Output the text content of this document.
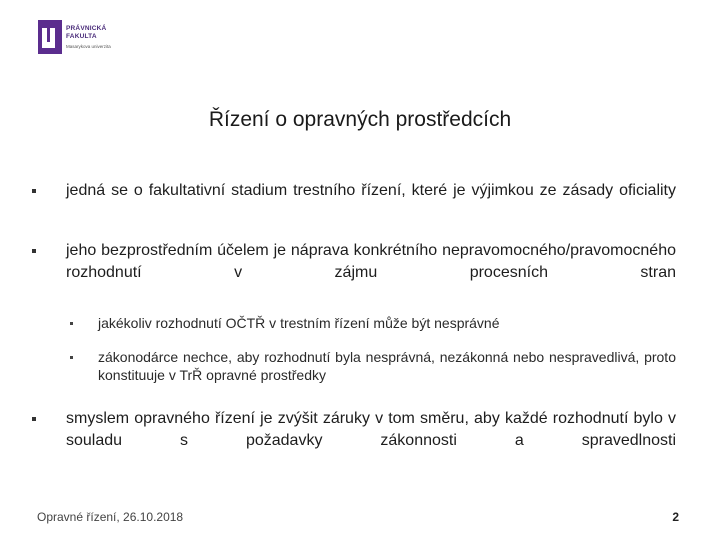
PRÁVNICKÁ
FAKULTA
Masarykova univerzita
Řízení o opravných prostředcích
jedná se o fakultativní stadium trestního řízení, které je výjimkou ze zásady oficiality
jeho bezprostředním účelem je náprava konkrétního nepravomocného/pravomocného rozhodnutí v zájmu procesních stran
jakékoliv rozhodnutí OČTŘ v trestním řízení může být nesprávné
zákonodárce nechce, aby rozhodnutí byla nesprávná, nezákonná nebo nespravedlivá, proto konstituuje v TrŘ opravné prostředky
smyslem opravného řízení je zvýšit záruky v tom směru, aby každé rozhodnutí bylo v souladu s požadavky zákonnosti a spravedlnosti
Opravné řízení, 26.10.2018	2
